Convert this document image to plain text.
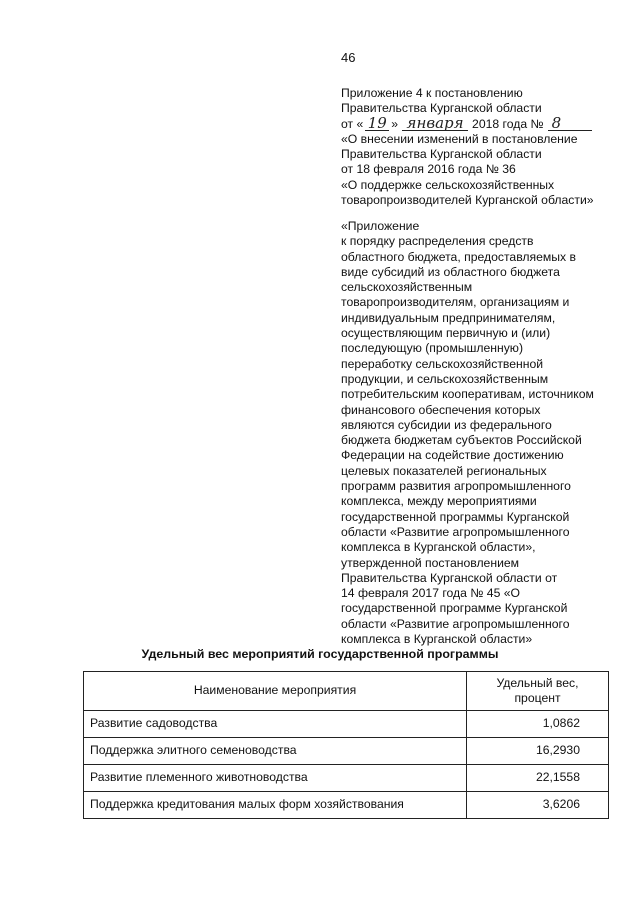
46
Приложение 4 к постановлению
Правительства Курганской области
от « 19 » января 2018 года № 8
«О внесении изменений в постановление
Правительства Курганской области
от 18 февраля 2016 года № 36
«О поддержке сельскохозяйственных
товаропроизводителей Курганской области»
«Приложение
к порядку распределения средств
областного бюджета, предоставляемых в
виде субсидий из областного бюджета
сельскохозяйственным
товаропроизводителям, организациям и
индивидуальным предпринимателям,
осуществляющим первичную и (или)
последующую (промышленную)
переработку сельскохозяйственной
продукции, и сельскохозяйственным
потребительским кооперативам, источником
финансового обеспечения которых
являются субсидии из федерального
бюджета бюджетам субъектов Российской
Федерации на содействие достижению
целевых показателей региональных
программ развития агропромышленного
комплекса, между мероприятиями
государственной программы Курганской
области «Развитие агропромышленного
комплекса в Курганской области»,
утвержденной постановлением
Правительства Курганской области от
14 февраля 2017 года № 45 «О
государственной программе Курганской
области «Развитие агропромышленного
комплекса в Курганской области»
Удельный вес мероприятий государственной программы
Наименование мероприятия	Удельный вес, процент
Развитие садоводства	1,0862
Поддержка элитного семеноводства	16,2930
Развитие племенного животноводства	22,1558
Поддержка кредитования малых форм хозяйствования	3,6206
